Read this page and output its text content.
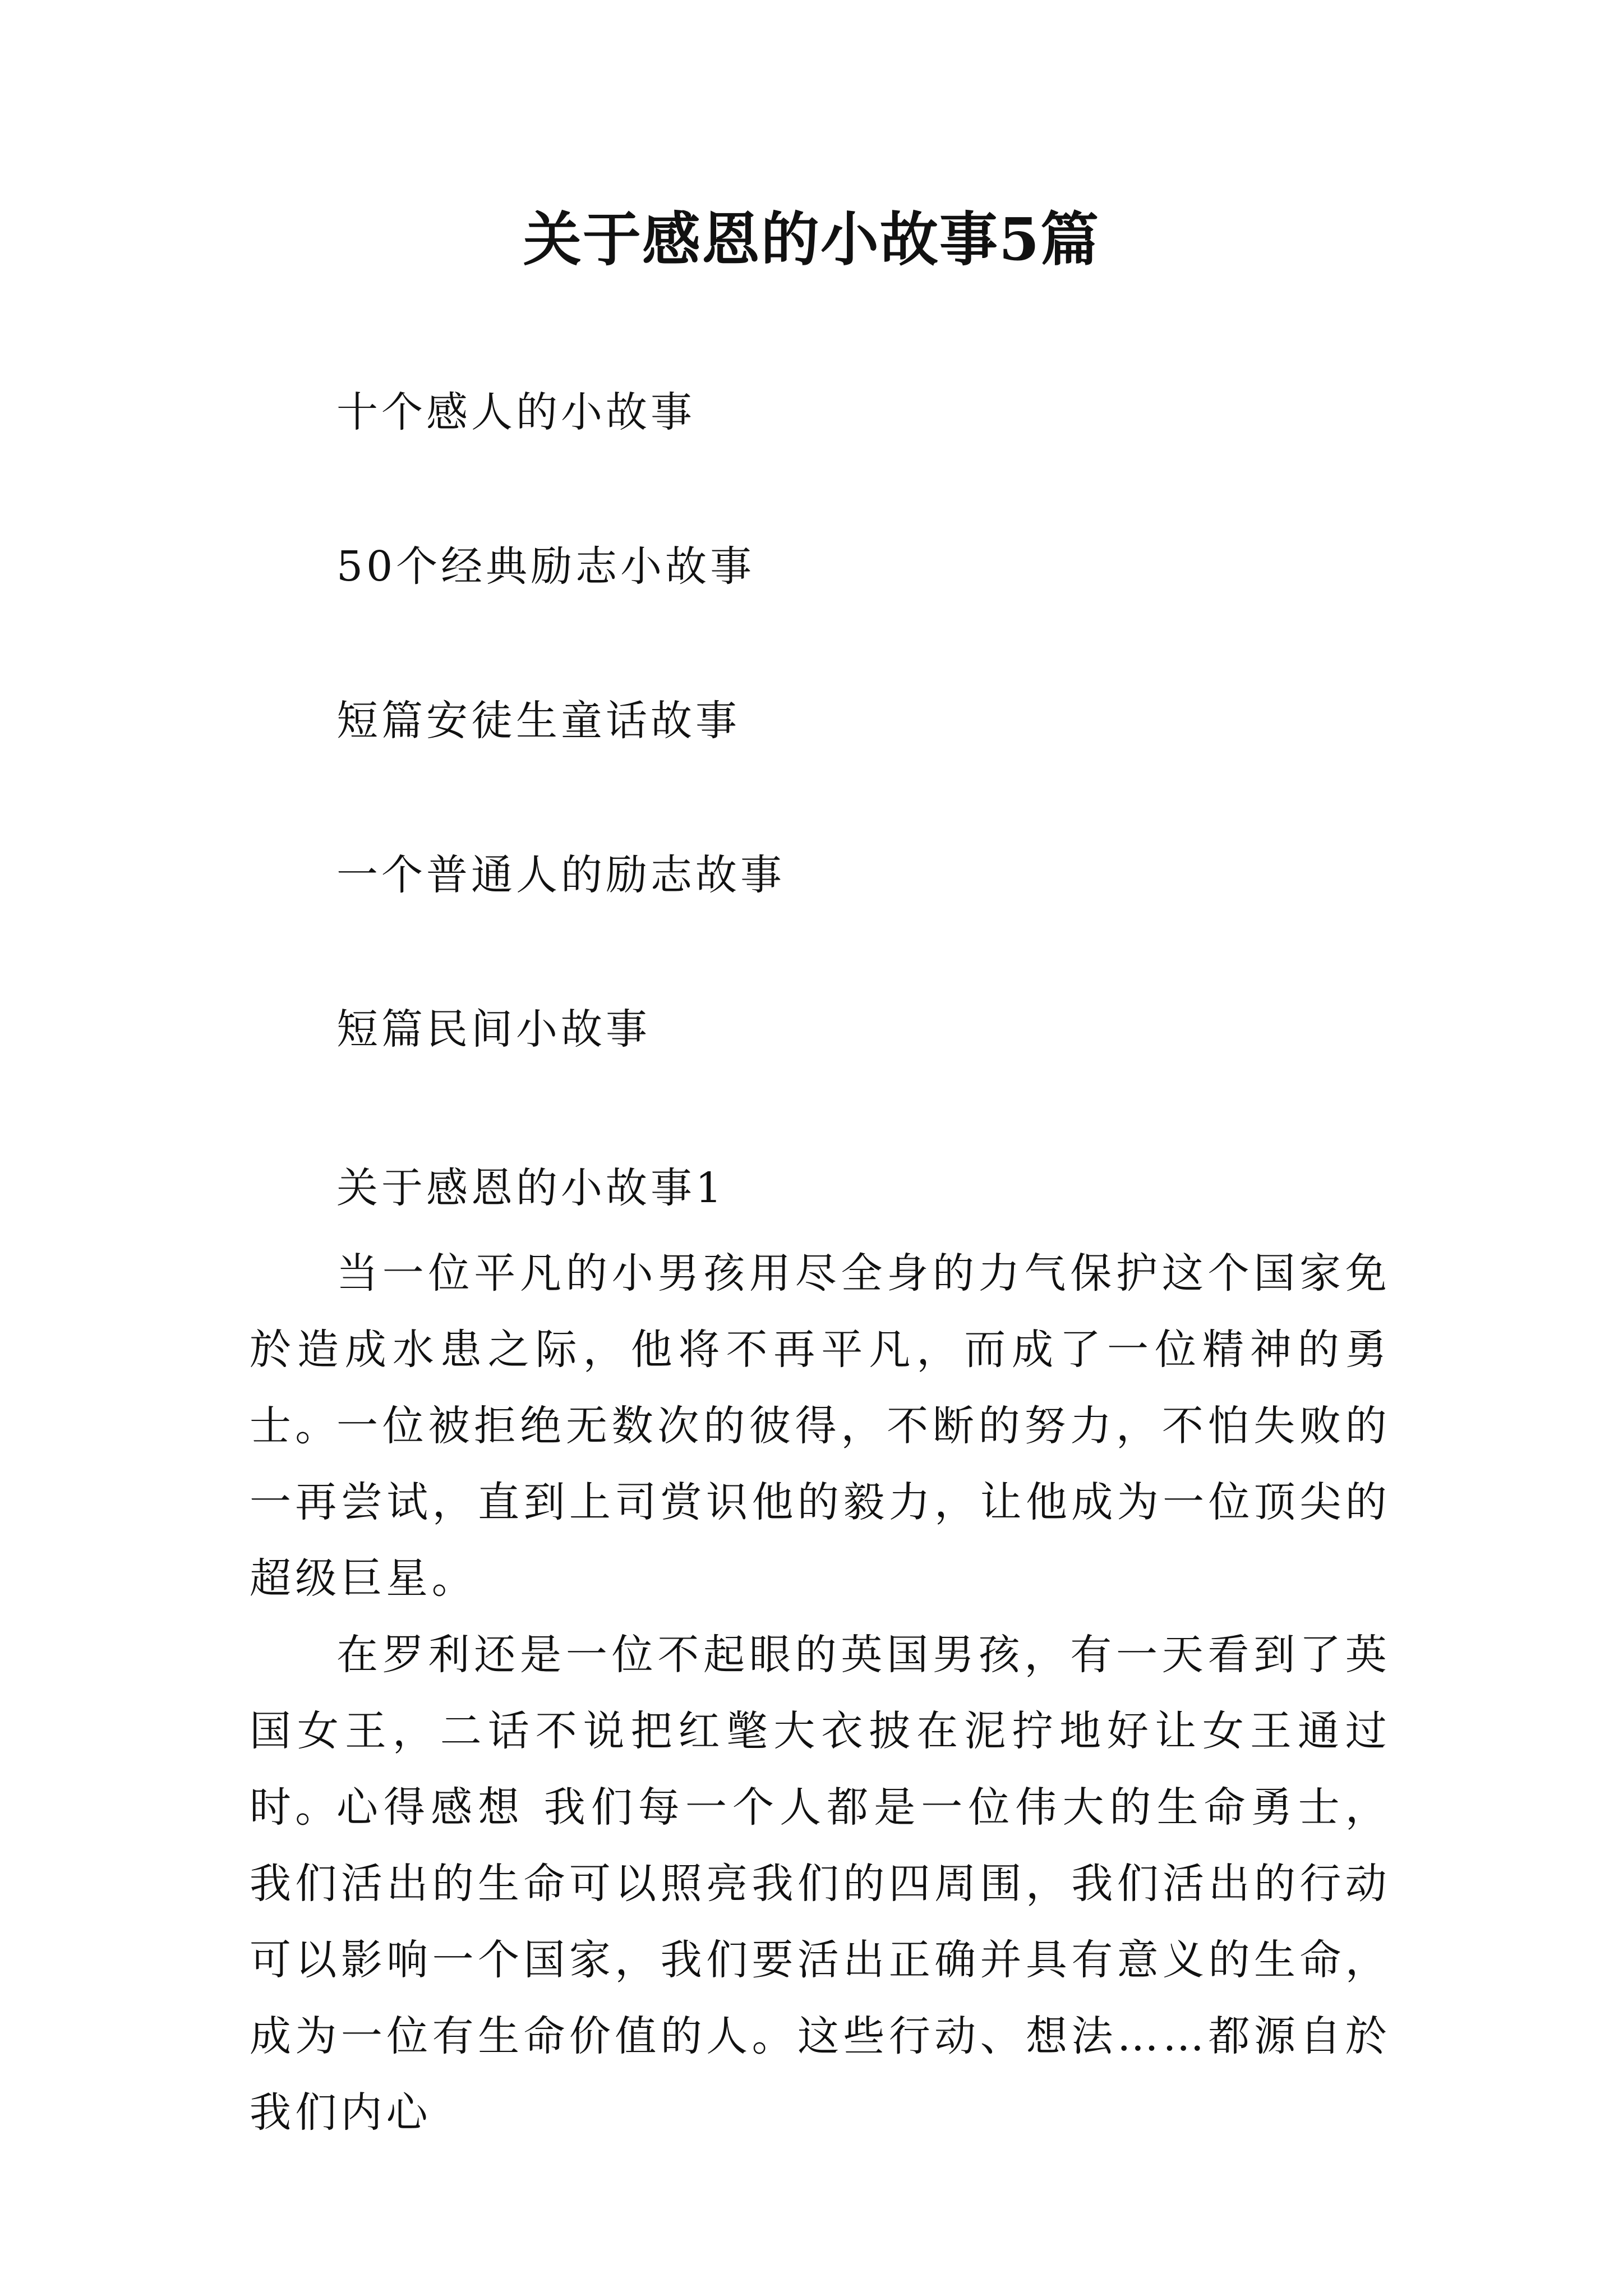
关于感恩的小故事5篇
十个感人的小故事
50个经典励志小故事
短篇安徒生童话故事
一个普通人的励志故事
短篇民间小故事
关于感恩的小故事1

当一位平凡的小男孩用尽全身的力气保护这个国家免於造成水患之际，他将不再平凡，而成了一位精神的勇士。

一位被拒绝无数次的彼得，不断的努力，不怕失败的一再尝试，直到上司赏识他的毅力，让他成为一位顶尖的超级巨星。

在罗利还是一位不起眼的英国男孩，有一天看到了英国女王，二话不说把红氅大衣披在泥拧地好让女王通过时。

心得感想 我们每一个人都是一位伟大的生命勇士，我们活出的生命可以照亮我们的四周围，我们活出的行动可以影响一个国家，我们要活出正确并具有意义的生命，成为一位有生命价值的人。这些行动、想法……都源自於我们内心
